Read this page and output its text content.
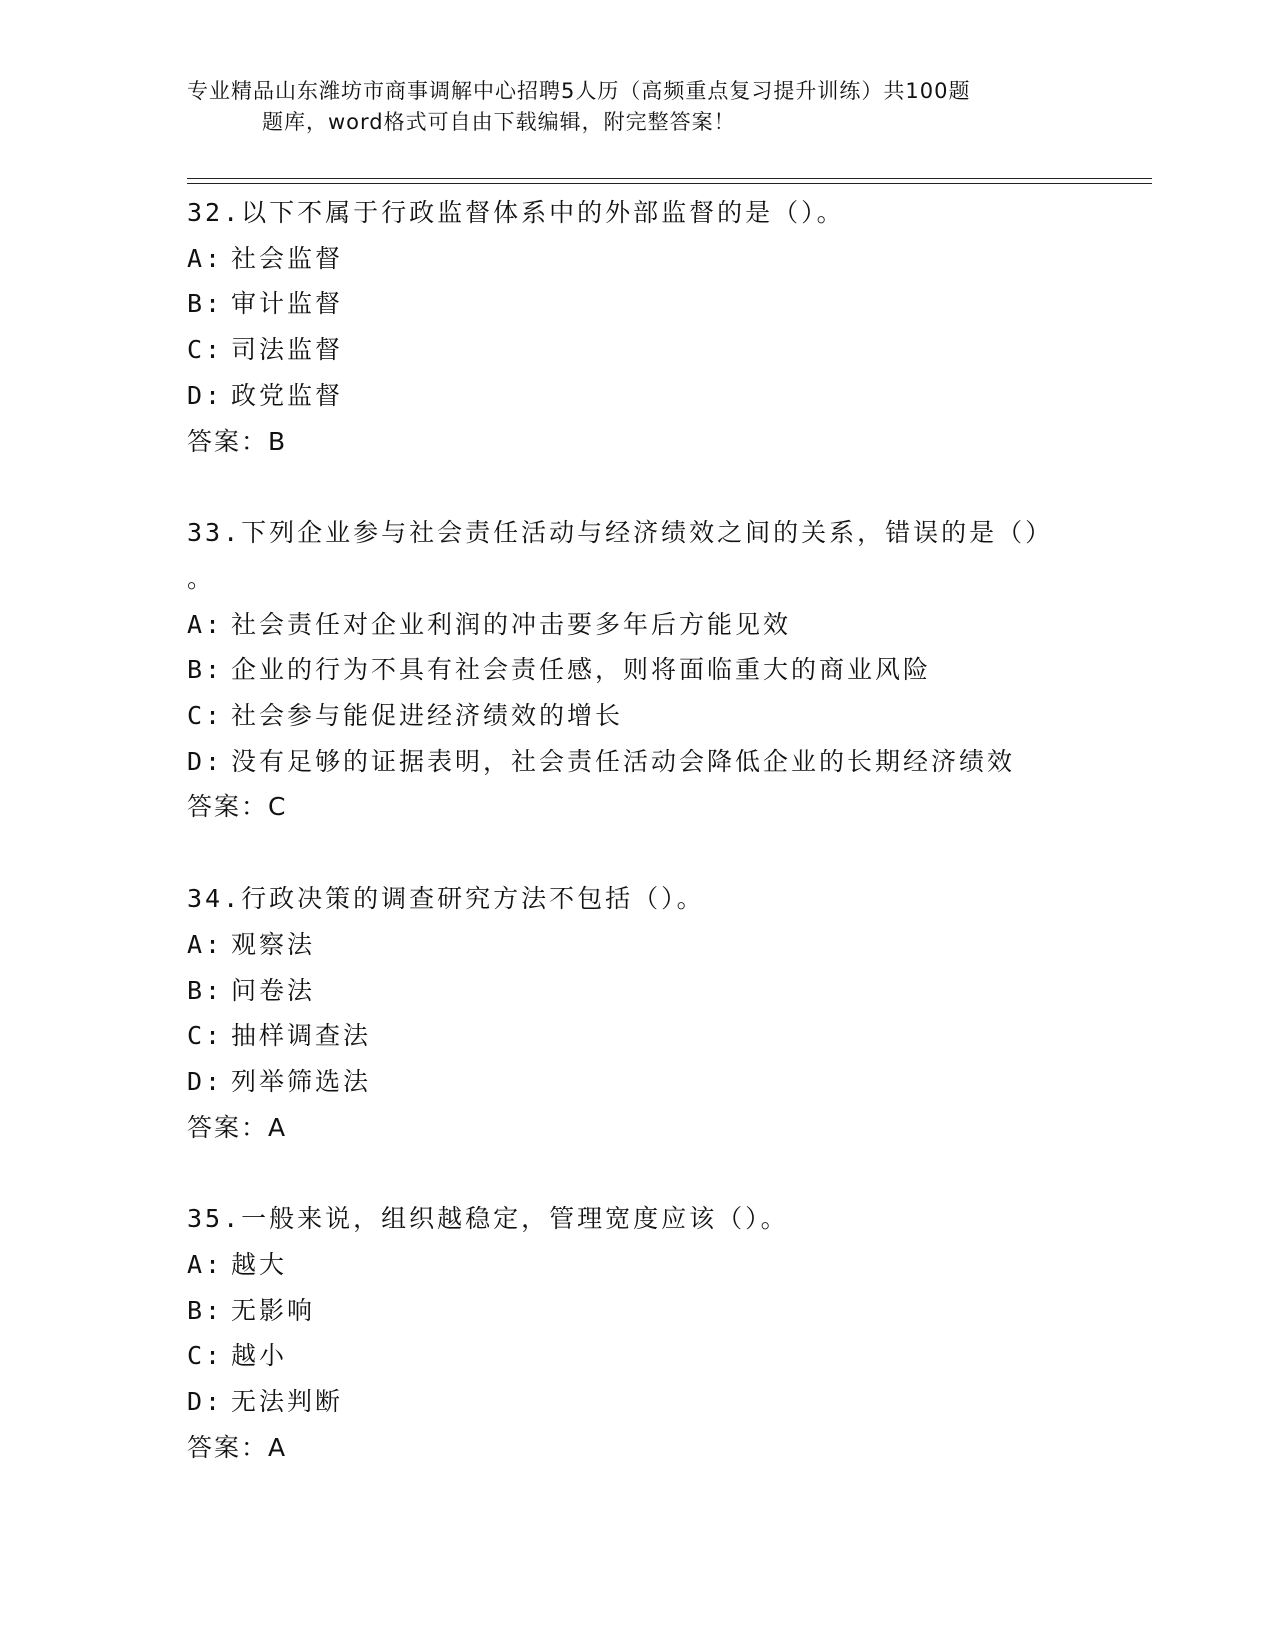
专业精品山东潍坊市商事调解中心招聘5人历（高频重点复习提升训练）共100题
题库，word格式可自由下载编辑，附完整答案！
32.以下不属于行政监督体系中的外部监督的是（）。
A: 社会监督
B: 审计监督
C: 司法监督
D: 政党监督
答案：B
33.下列企业参与社会责任活动与经济绩效之间的关系，错误的是（）
。
A: 社会责任对企业利润的冲击要多年后方能见效
B: 企业的行为不具有社会责任感，则将面临重大的商业风险
C: 社会参与能促进经济绩效的增长
D: 没有足够的证据表明，社会责任活动会降低企业的长期经济绩效
答案：C
34.行政决策的调查研究方法不包括（）。
A: 观察法
B: 问卷法
C: 抽样调查法
D: 列举筛选法
答案：A
35.一般来说，组织越稳定，管理宽度应该（）。
A: 越大
B: 无影响
C: 越小
D: 无法判断
答案：A
